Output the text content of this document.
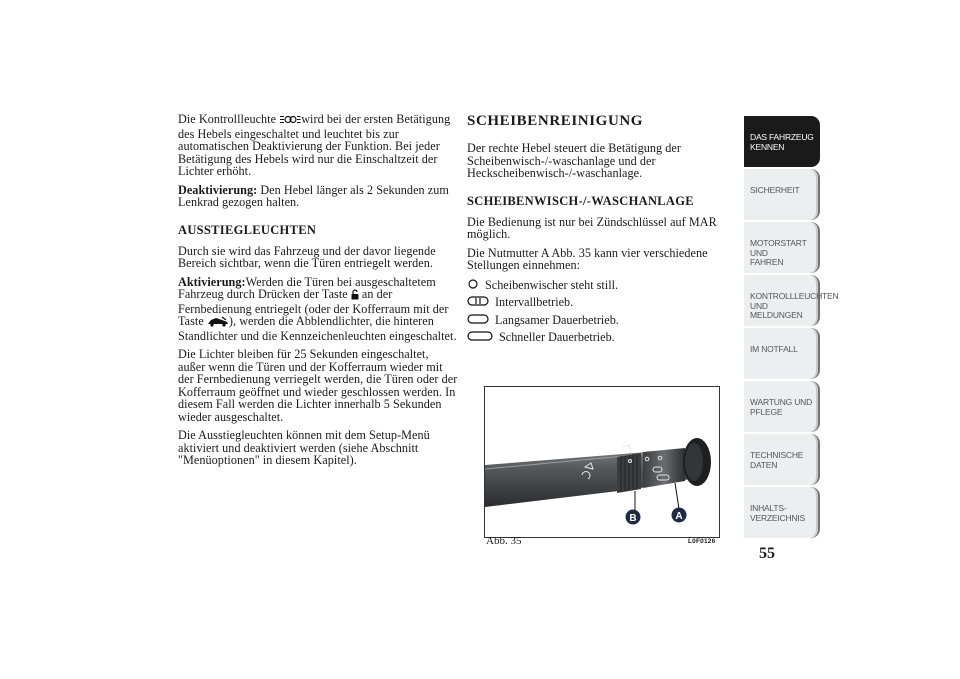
Die Kontrollleuchte wird bei der ersten Betätigung des Hebels eingeschaltet und leuchtet bis zur automatischen Deaktivierung der Funktion. Bei jeder Betätigung des Hebels wird nur die Einschaltzeit der Lichter erhöht.

Deaktivierung: Den Hebel länger als 2 Sekunden zum Lenkrad gezogen halten.

AUSSTIEGLEUCHTEN

Durch sie wird das Fahrzeug und der davor liegende Bereich sichtbar, wenn die Türen entriegelt werden.

Aktivierung:Werden die Türen bei ausgeschaltetem Fahrzeug durch Drücken der Taste  an der Fernbedienung entriegelt (oder der Kofferraum mit der Taste ), werden die Abblendlichter, die hinteren Standlichter und die Kennzeichenleuchten eingeschaltet.

Die Lichter bleiben für 25 Sekunden eingeschaltet, außer wenn die Türen und der Kofferraum wieder mit der Fernbedienung verriegelt werden, die Türen oder der Kofferraum geöffnet und wieder geschlossen werden. In diesem Fall werden die Lichter innerhalb 5 Sekunden wieder ausgeschaltet.

Die Ausstiegleuchten können mit dem Setup-Menü aktiviert und deaktiviert werden (siehe Abschnitt "Menüoptionen" in diesem Kapitel).

SCHEIBENREINIGUNG

Der rechte Hebel steuert die Betätigung der Scheibenwisch-/-waschanlage und der Heckscheibenwisch-/-waschanlage.

SCHEIBENWISCH-/-WASCHANLAGE

Die Bedienung ist nur bei Zündschlüssel auf MAR möglich.

Die Nutmutter A Abb. 35 kann vier verschiedene Stellungen einnehmen:

Scheibenwischer steht still.
Intervallbetrieb.
Langsamer Dauerbetrieb.
Schneller Dauerbetrieb.
B	A
Abb. 35	L0F0126
DAS FAHRZEUG
KENNEN
SICHERHEIT
MOTORSTART UND
FAHREN
KONTROLLLEUCHTEN
UND MELDUNGEN
IM NOTFALL
WARTUNG UND
PFLEGE
TECHNISCHE
DATEN
INHALTS-
VERZEICHNIS
55
